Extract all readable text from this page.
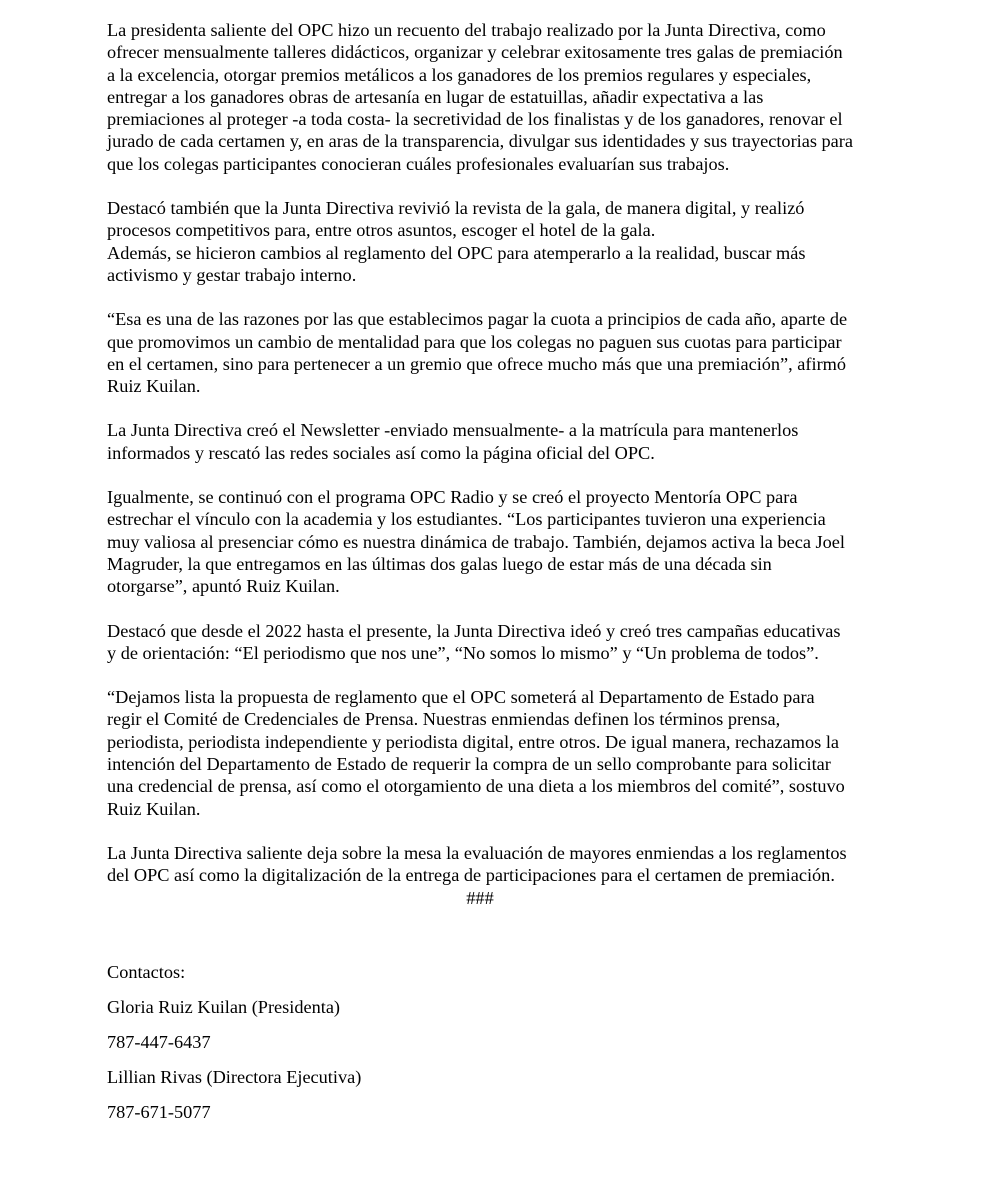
La presidenta saliente del OPC hizo un recuento del trabajo realizado por la Junta Directiva, como ofrecer mensualmente talleres didácticos, organizar y celebrar exitosamente tres galas de premiación a la excelencia, otorgar premios metálicos a los ganadores de los premios regulares y especiales, entregar a los ganadores obras de artesanía en lugar de estatuillas, añadir expectativa a las premiaciones al proteger -a toda costa- la secretividad de los finalistas y de los ganadores, renovar el jurado de cada certamen y, en aras de la transparencia, divulgar sus identidades y sus trayectorias para que los colegas participantes conocieran cuáles profesionales evaluarían sus trabajos.

Destacó también que la Junta Directiva revivió la revista de la gala, de manera digital, y realizó procesos competitivos para, entre otros asuntos, escoger el hotel de la gala.

Además, se hicieron cambios al reglamento del OPC para atemperarlo a la realidad, buscar más activismo y gestar trabajo interno.

“Esa es una de las razones por las que establecimos pagar la cuota a principios de cada año, aparte de que promovimos un cambio de mentalidad para que los colegas no paguen sus cuotas para participar en el certamen, sino para pertenecer a un gremio que ofrece mucho más que una premiación”, afirmó Ruiz Kuilan.

La Junta Directiva creó el Newsletter -enviado mensualmente- a la matrícula para mantenerlos informados y rescató las redes sociales así como la página oficial del OPC.

Igualmente, se continuó con el programa OPC Radio y se creó el proyecto Mentoría OPC para estrechar el vínculo con la academia y los estudiantes. “Los participantes tuvieron una experiencia muy valiosa al presenciar cómo es nuestra dinámica de trabajo. También, dejamos activa la beca Joel Magruder, la que entregamos en las últimas dos galas luego de estar más de una década sin otorgarse”, apuntó Ruiz Kuilan.

Destacó que desde el 2022 hasta el presente, la Junta Directiva ideó y creó tres campañas educativas y de orientación: “El periodismo que nos une”, “No somos lo mismo” y “Un problema de todos”.

“Dejamos lista la propuesta de reglamento que el OPC someterá al Departamento de Estado para regir el Comité de Credenciales de Prensa. Nuestras enmiendas definen los términos prensa, periodista, periodista independiente y periodista digital, entre otros. De igual manera, rechazamos la intención del Departamento de Estado de requerir la compra de un sello comprobante para solicitar una credencial de prensa, así como el otorgamiento de una dieta a los miembros del comité”, sostuvo Ruiz Kuilan.

La Junta Directiva saliente deja sobre la mesa la evaluación de mayores enmiendas a los reglamentos del OPC así como la digitalización de la entrega de participaciones para el certamen de premiación.

###
Contactos:
Gloria Ruiz Kuilan (Presidenta)
787-447-6437
Lillian Rivas (Directora Ejecutiva)
787-671-5077
